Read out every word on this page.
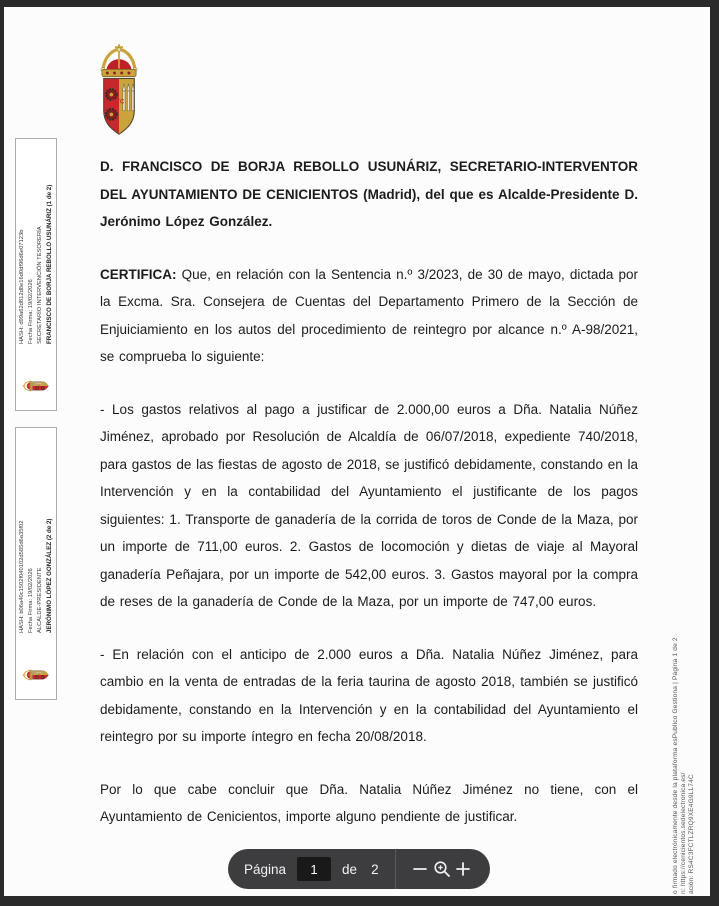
D. FRANCISCO DE BORJA REBOLLO USUNÁRIZ, SECRETARIO-INTERVENTOR DEL AYUNTAMIENTO DE CENICIENTOS (Madrid), del que es Alcalde-Presidente D. Jerónimo López González.

CERTIFICA: Que, en relación con la Sentencia n.º 3/2023, de 30 de mayo, dictada por la Excma. Sra. Consejera de Cuentas del Departamento Primero de la Sección de Enjuiciamiento en los autos del procedimiento de reintegro por alcance n.º A-98/2021, se comprueba lo siguiente:

- Los gastos relativos al pago a justificar de 2.000,00 euros a Dña. Natalia Núñez Jiménez, aprobado por Resolución de Alcaldía de 06/07/2018, expediente 740/2018, para gastos de las fiestas de agosto de 2018, se justificó debidamente, constando en la Intervención y en la contabilidad del Ayuntamiento el justificante de los pagos siguientes: 1. Transporte de ganadería de la corrida de toros de Conde de la Maza, por un importe de 711,00 euros. 2. Gastos de locomoción y dietas de viaje al Mayoral ganadería Peñajara, por un importe de 542,00 euros. 3. Gastos mayoral por la compra de reses de la ganadería de Conde de la Maza, por un importe de 747,00 euros.

- En relación con el anticipo de 2.000 euros a Dña. Natalia Núñez Jiménez, para cambio en la venta de entradas de la feria taurina de agosto 2018, también se justificó debidamente, constando en la Intervención y en la contabilidad del Ayuntamiento el reintegro por su importe íntegro en fecha 20/08/2018.

Por lo que cabe concluir que Dña. Natalia Núñez Jiménez no tiene, con el Ayuntamiento de Cenicientos, importe alguno pendiente de justificar.

HASH: d99a62d812d8e16d0df96d6e07123b Fecha Firma: 19/02/2026 SECRETARIO INTERVENCIÓN TESORERÍA FRANCISCO DE BORJA REBOLLO USUNÁRIZ (1 de 2)
HASH: b06a40c1502f040102d585d6a35f02 Fecha Firma: 19/02/2026 ALCALDE-PRESIDENTE JERÓNIMO LÓPEZ GONZÁLEZ (2 de 2)
ación: RS4C3FCTLZRQ9XE4G9LL74C
n: https://cenicientos.sedelectronica.es/
o firmado electrónicamente desde la plataforma esPublico Gestiona | Página 1 de 2
Página
1	de 2
